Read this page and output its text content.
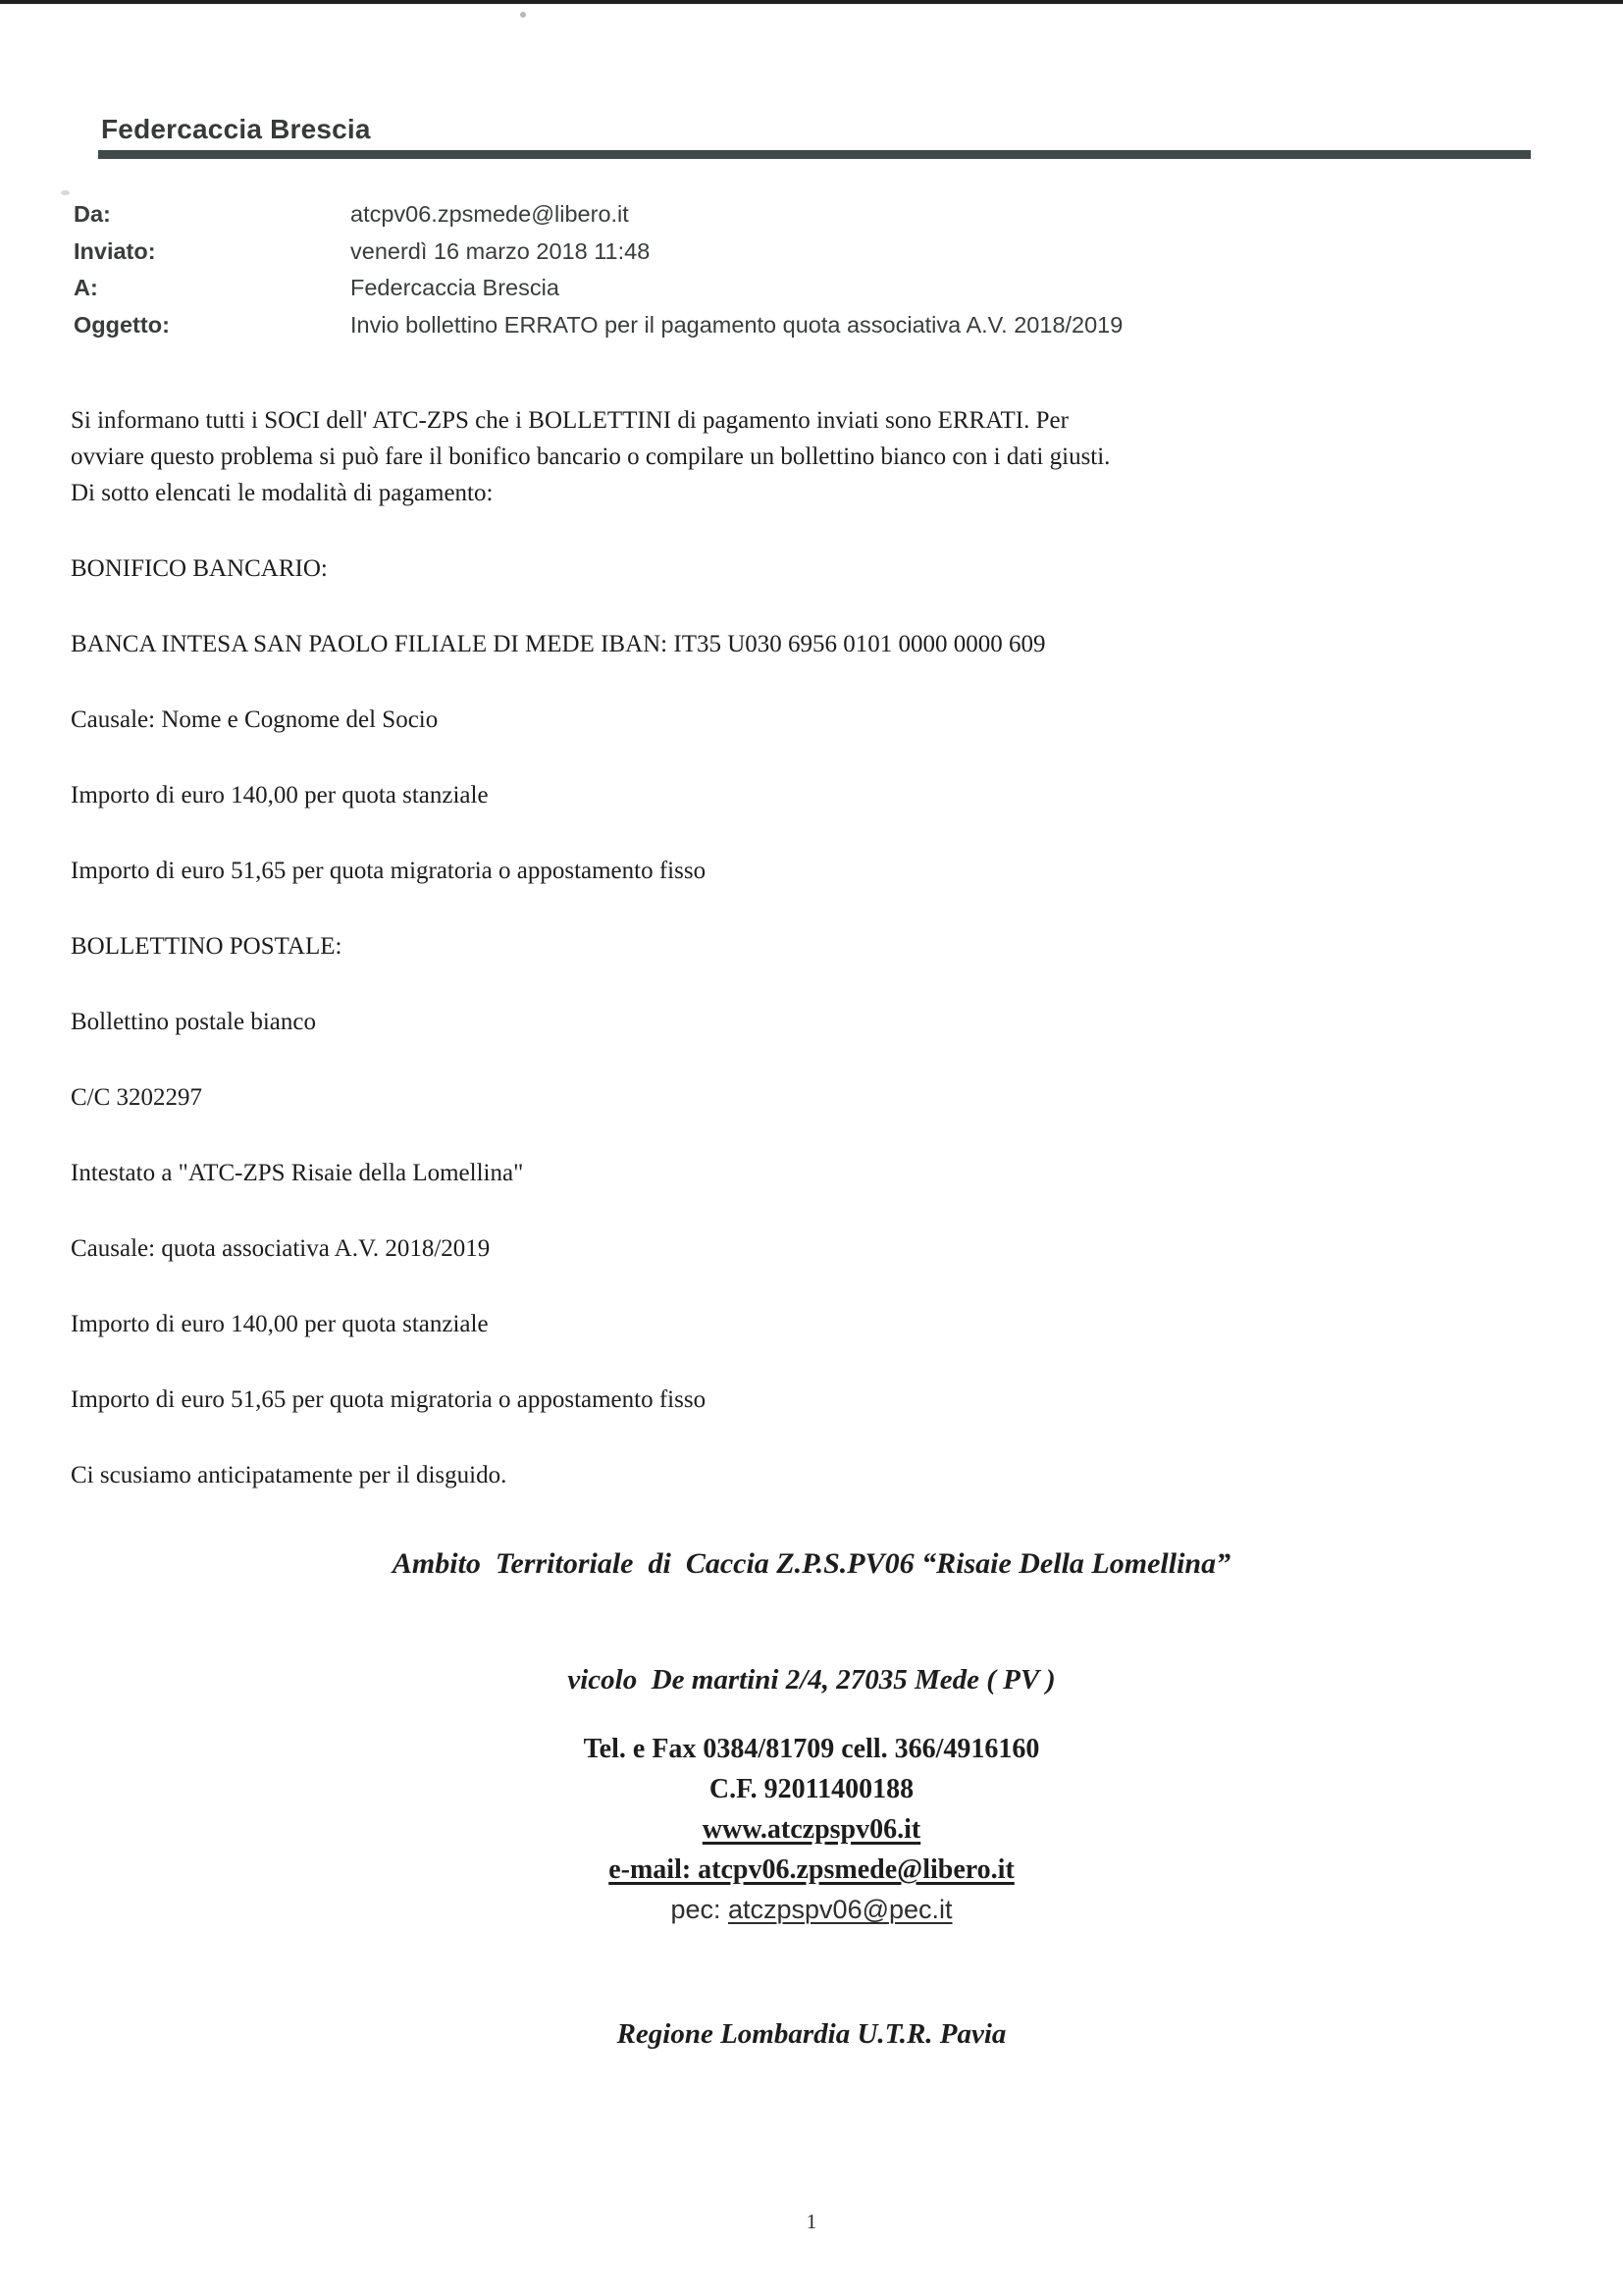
Federcaccia Brescia
Da:	atcpv06.zpsmede@libero.it
Inviato:	venerdì 16 marzo 2018 11:48
A:	Federcaccia Brescia
Oggetto:	Invio bollettino ERRATO per il pagamento quota associativa A.V. 2018/2019

Si informano tutti i SOCI dell' ATC-ZPS che i BOLLETTINI di pagamento inviati sono ERRATI. Per
ovviare questo problema si può fare il bonifico bancario o compilare un bollettino bianco con i dati giusti.
Di sotto elencati le modalità di pagamento:

BONIFICO BANCARIO:

BANCA INTESA SAN PAOLO FILIALE DI MEDE IBAN: IT35 U030 6956 0101 0000 0000 609

Causale: Nome e Cognome del Socio

Importo di euro 140,00 per quota stanziale

Importo di euro 51,65 per quota migratoria o appostamento fisso

BOLLETTINO POSTALE:

Bollettino postale bianco

C/C 3202297

Intestato a "ATC-ZPS Risaie della Lomellina"

Causale: quota associativa A.V. 2018/2019

Importo di euro 140,00 per quota stanziale

Importo di euro 51,65 per quota migratoria o appostamento fisso

Ci scusiamo anticipatamente per il disguido.

Ambito  Territoriale  di  Caccia Z.P.S.PV06 “Risaie Della Lomellina”
vicolo  De martini 2/4, 27035 Mede ( PV )
Tel. e Fax 0384/81709 cell. 366/4916160
C.F. 92011400188
www.atczpspv06.it
e-mail: atcpv06.zpsmede@libero.it
pec: atczpspv06@pec.it
Regione Lombardia U.T.R. Pavia
1
